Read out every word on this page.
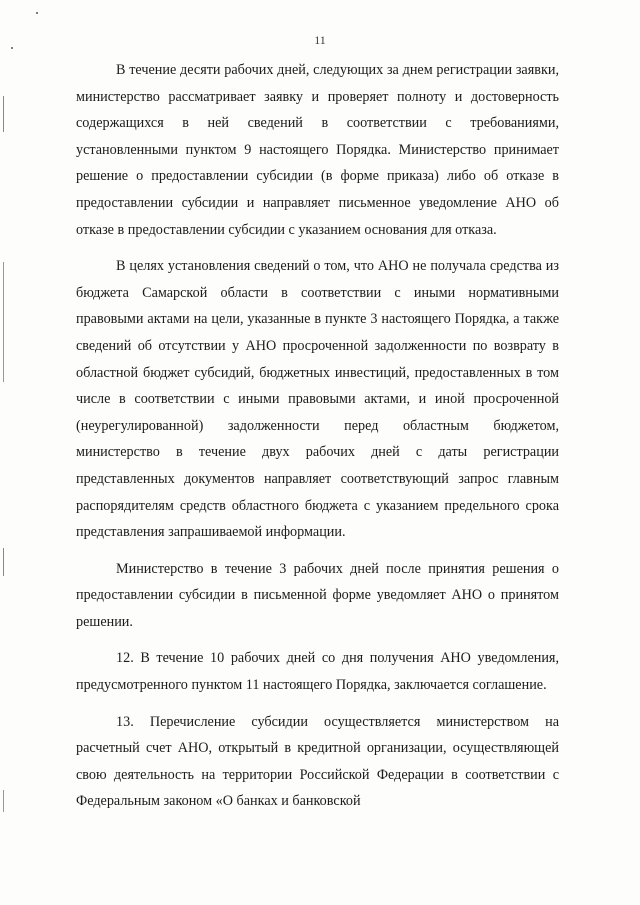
11

В течение десяти рабочих дней, следующих за днем регистрации заявки, министерство рассматривает заявку и проверяет полноту и достоверность содержащихся в ней сведений в соответствии с требованиями, установленными пунктом 9 настоящего Порядка. Министерство принимает решение о предоставлении субсидии (в форме приказа) либо об отказе в предоставлении субсидии и направляет письменное уведомление АНО об отказе в предоставлении субсидии с указанием основания для отказа.

В целях установления сведений о том, что АНО не получала средства из бюджета Самарской области в соответствии с иными нормативными правовыми актами на цели, указанные в пункте 3 настоящего Порядка, а также сведений об отсутствии у АНО просроченной задолженности по возврату в областной бюджет субсидий, бюджетных инвестиций, предоставленных в том числе в соответствии с иными правовыми актами, и иной просроченной (неурегулированной) задолженности перед областным бюджетом, министерство в течение двух рабочих дней с даты регистрации представленных документов направляет соответствующий запрос главным распорядителям средств областного бюджета с указанием предельного срока представления запрашиваемой информации.

Министерство в течение 3 рабочих дней после принятия решения о предоставлении субсидии в письменной форме уведомляет АНО о принятом решении.

12. В течение 10 рабочих дней со дня получения АНО уведомления, предусмотренного пунктом 11 настоящего Порядка, заключается соглашение.

13. Перечисление субсидии осуществляется министерством на расчетный счет АНО, открытый в кредитной организации, осуществляющей свою деятельность на территории Российской Федерации в соответствии с Федеральным законом «О банках и банковской
